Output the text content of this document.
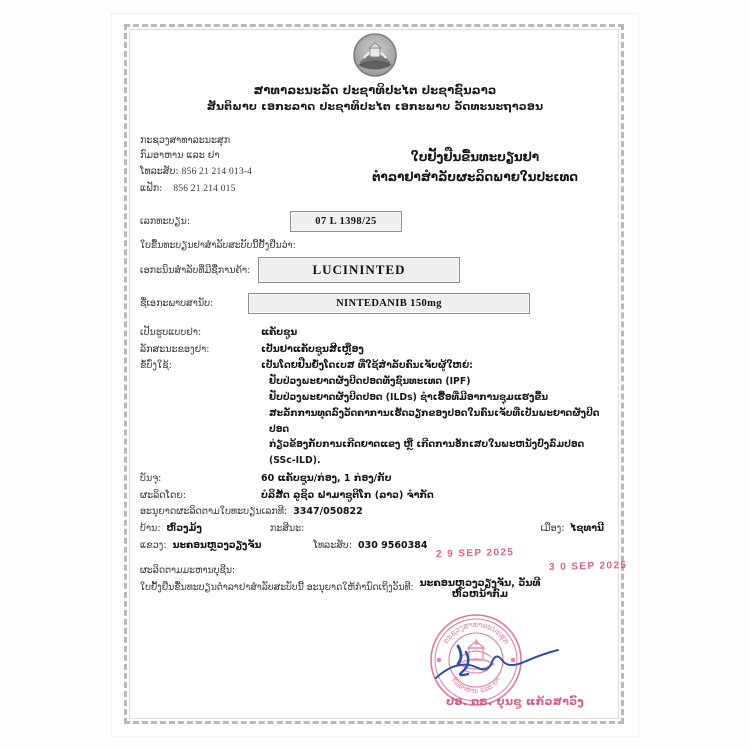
ສາທາລະນະລັດ ປະຊາທິປະໄຕ ປະຊາຊົນລາວ
ສັນຕິພາບ ເອກະລາດ ປະຊາທິປະໄຕ ເອກະພາບ ວັດທະນະຖາວອນ
ກະຊວງສາທາລະນະສຸກ
ກົມອາຫານ ແລະ ຢາ
ໂທລະສັບ: 856 21 214 013-4
ແຟັກ: 856 21 214 015
ໃບຢັ້ງຢືນຂື້ນທະບຽນຢາ
ຕໍາລາຢາສໍາລັບຜະລິດພາຍໃນປະເທດ
ເລກທະບຽນ:	07 L 1398/25
ໃບຂື້ນທະບຽນຢາສໍາລັບສະບັບນີ້ຢັ້ງຢືນວ່າ:
ເອກະນິນສໍາລັບທີ່ມີຊື່ການຄ້າ:	LUCININTED
ຊື່ເອກະພາບສານັບ:	NINTEDANIB 150mg
ເປັນຮູບແບບຢາ:	ແຄັບຊູນ
ລັກສະນະຂອງຢາ:	ເປັນຢາແຄັບຊູນສີເຫຼືອງ
ຂໍ້ບົ່ງໃຊ້:	ເປັນໂດຍຢືນຍັ່ງໂດເບສ ທີ່ໃຊ້ສໍາລັບຄົນເຈັບຜູ້ໃຫຍ່:
ຢັບປ່ວງພະຍາດຜັງປິດປອດທັງຊົນທະເທດ (IPF)
ຢັບປ່ວງພະຍາດຜັງປິດປອດ (ILDs) ຊໍາເຮື້ອທີ່ມີອາການຊຸມແຮງຂື້ນ
ສະລັກການທຸດລົງວັດຄາການເຮັດວຽກຂອງປອດໃນຄົນເຈັບທີ່ເປັນພະຍາດຜັງປິດປອດ
ກ່ຽວຂ້ອງກັບການເກີດຍາດແຂງ ຫຼື ເກີດການອັກເສບໃນພະຫນັງປົງລົມປອດ (SSc-ILD).
ບັນຈຸ:	60 ແຄັບຊູນ/ກ່ອງ, 1 ກ່ອງ/ກັບ
ຜະລິດໂດຍ:	ບໍລິສັດ ລູຊິວ ຟາມາຊູຕິໂກ (ລາວ) ຈໍາກັດ
ອະນຸຍາດຜະລິດຕາມໃບທະບຽນເລກທີ: 3347/050822
ບ້ານ: ຫົວງມ້ງ	ກະສີນະ:	ເມືອງ: ໄຊທານີ
ແຂວງ: ນະຄອນຫຼວງວຽງຈັນ	ໂທລະສັບ: 030 9560384
ຜະລິດຕາມມະຫານບຸຊີນ:
ໃບຢັ້ງຢືນຂື້ນທະບຽນຕໍາລາຢາສໍາລັບສະບັບນີ້ ອະນຸຍາດໃຫ້ກໍານົດເຖິງວັນທີ:
2 9 SEP 2025
3 0 SEP 2025
ນະຄອນຫຼວງວຽງຈັນ, ວັນທີ
ຫົວຫນ້າກົມ
ກະຊວງສາທາລະນະສຸກ
ກົມອາຫານ ແລະ ຢາ
ປອ. ດຣ. ບຸນຊູ ແກ້ວສາວົງ
